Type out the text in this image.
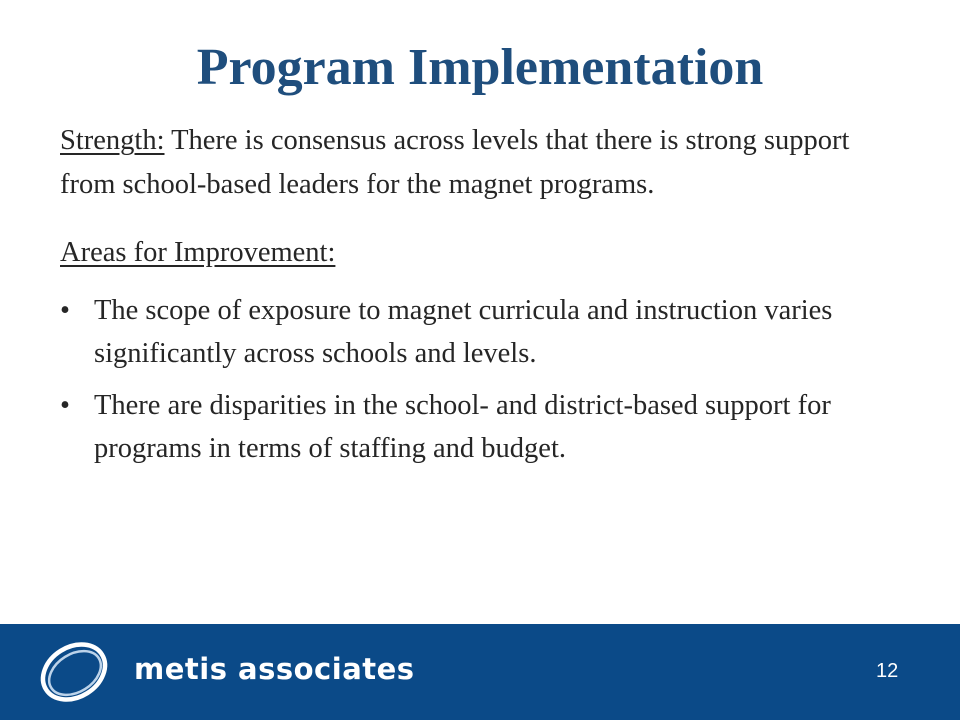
Program Implementation

Strength: There is consensus across levels that there is strong support from school-based leaders for the magnet programs.

Areas for Improvement:

• The scope of exposure to magnet curricula and instruction varies significantly across schools and levels.
• There are disparities in the school- and district-based support for programs in terms of staffing and budget.
metis associates	12
